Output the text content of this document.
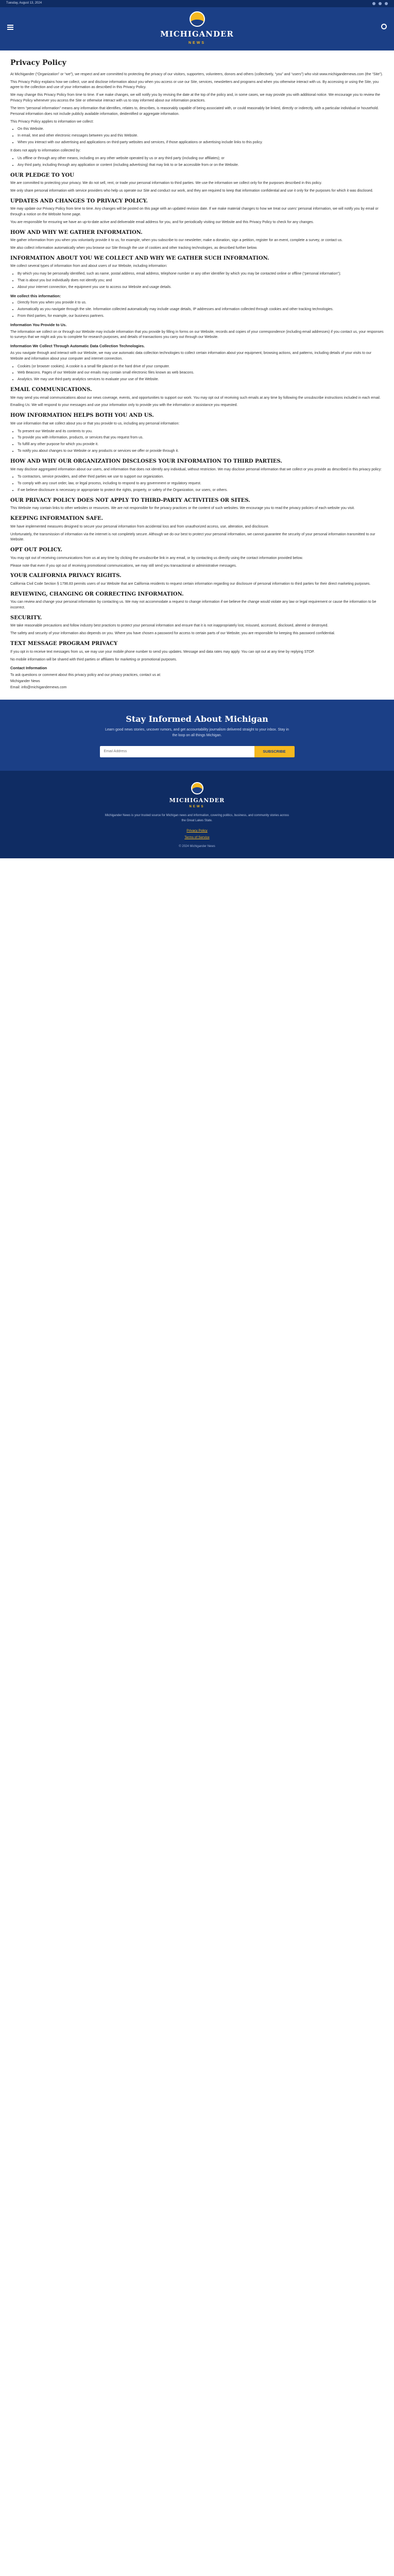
Tuesday, August 13, 2024
MICHIGANDER
NEWS
Privacy Policy

At Michigander (“Organization” or “we”), we respect and are committed to protecting the privacy of our visitors, supporters, volunteers, donors and others (collectively, “you” and “users”) who visit www.michigandernews.com (the “Site”).

This Privacy Policy explains how we collect, use and disclose information about you when you access or use our Site, services, newsletters and programs and when you otherwise interact with us. By accessing or using the Site, you agree to the collection and use of your information as described in this Privacy Policy.

We may change this Privacy Policy from time to time. If we make changes, we will notify you by revising the date at the top of the policy and, in some cases, we may provide you with additional notice. We encourage you to review the Privacy Policy whenever you access the Site or otherwise interact with us to stay informed about our information practices.

The term “personal information” means any information that identifies, relates to, describes, is reasonably capable of being associated with, or could reasonably be linked, directly or indirectly, with a particular individual or household. Personal information does not include publicly available information, deidentified or aggregate information.

This Privacy Policy applies to information we collect:

• On this Website.
• In email, text and other electronic messages between you and this Website.
• When you interact with our advertising and applications on third-party websites and services, if those applications or advertising include links to this policy.

It does not apply to information collected by:

• Us offline or through any other means, including on any other website operated by us or any third party (including our affiliates); or
• Any third party, including through any application or content (including advertising) that may link to or be accessible from or on the Website.
OUR PLEDGE TO YOU

We are committed to protecting your privacy. We do not sell, rent, or trade your personal information to third parties. We use the information we collect only for the purposes described in this policy.

We only share personal information with service providers who help us operate our Site and conduct our work, and they are required to keep that information confidential and use it only for the purposes for which it was disclosed.

UPDATES AND CHANGES TO PRIVACY POLICY.

We may update our Privacy Policy from time to time. Any changes will be posted on this page with an updated revision date. If we make material changes to how we treat our users’ personal information, we will notify you by email or through a notice on the Website home page.

You are responsible for ensuring we have an up-to-date active and deliverable email address for you, and for periodically visiting our Website and this Privacy Policy to check for any changes.

HOW AND WHY WE GATHER INFORMATION.

We gather information from you when you voluntarily provide it to us, for example, when you subscribe to our newsletter, make a donation, sign a petition, register for an event, complete a survey, or contact us.

We also collect information automatically when you browse our Site through the use of cookies and other tracking technologies, as described further below.

INFORMATION ABOUT YOU WE COLLECT AND WHY WE GATHER SUCH INFORMATION.

We collect several types of information from and about users of our Website, including information:

• By which you may be personally identified, such as name, postal address, email address, telephone number or any other identifier by which you may be contacted online or offline (“personal information”);
• That is about you but individually does not identify you; and
• About your internet connection, the equipment you use to access our Website and usage details.
We collect this information:
• Directly from you when you provide it to us.
• Automatically as you navigate through the site. Information collected automatically may include usage details, IP addresses and information collected through cookies and other tracking technologies.
• From third parties, for example, our business partners.
Information You Provide to Us.

The information we collect on or through our Website may include information that you provide by filling in forms on our Website, records and copies of your correspondence (including email addresses) if you contact us, your responses to surveys that we might ask you to complete for research purposes, and details of transactions you carry out through our Website.

Information We Collect Through Automatic Data Collection Technologies.

As you navigate through and interact with our Website, we may use automatic data collection technologies to collect certain information about your equipment, browsing actions, and patterns, including details of your visits to our Website and information about your computer and internet connection.

• Cookies (or browser cookies). A cookie is a small file placed on the hard drive of your computer.
• Web Beacons. Pages of our Website and our emails may contain small electronic files known as web beacons.
• Analytics. We may use third-party analytics services to evaluate your use of the Website.
EMAIL COMMUNICATIONS.

We may send you email communications about our news coverage, events, and opportunities to support our work. You may opt out of receiving such emails at any time by following the unsubscribe instructions included in each email.

Emailing Us: We will respond to your messages and use your information only to provide you with the information or assistance you requested.

HOW INFORMATION HELPS BOTH YOU AND US.

We use information that we collect about you or that you provide to us, including any personal information:

• To present our Website and its contents to you.
• To provide you with information, products, or services that you request from us.
• To fulfill any other purpose for which you provide it.
• To notify you about changes to our Website or any products or services we offer or provide through it.
HOW AND WHY OUR ORGANIZATION DISCLOSES YOUR INFORMATION TO THIRD PARTIES.

We may disclose aggregated information about our users, and information that does not identify any individual, without restriction. We may disclose personal information that we collect or you provide as described in this privacy policy:

• To contractors, service providers, and other third parties we use to support our organization.
• To comply with any court order, law, or legal process, including to respond to any government or regulatory request.
• If we believe disclosure is necessary or appropriate to protect the rights, property, or safety of the Organization, our users, or others.
OUR PRIVACY POLICY DOES NOT APPLY TO THIRD-PARTY ACTIVITIES OR SITES.

This Website may contain links to other websites or resources. We are not responsible for the privacy practices or the content of such websites. We encourage you to read the privacy policies of each website you visit.

KEEPING INFORMATION SAFE.

We have implemented measures designed to secure your personal information from accidental loss and from unauthorized access, use, alteration, and disclosure.

Unfortunately, the transmission of information via the internet is not completely secure. Although we do our best to protect your personal information, we cannot guarantee the security of your personal information transmitted to our Website.

OPT OUT POLICY.

You may opt out of receiving communications from us at any time by clicking the unsubscribe link in any email, or by contacting us directly using the contact information provided below.

Please note that even if you opt out of receiving promotional communications, we may still send you transactional or administrative messages.

YOUR CALIFORNIA PRIVACY RIGHTS.

California Civil Code Section § 1798.83 permits users of our Website that are California residents to request certain information regarding our disclosure of personal information to third parties for their direct marketing purposes.

REVIEWING, CHANGING OR CORRECTING INFORMATION.

You can review and change your personal information by contacting us. We may not accommodate a request to change information if we believe the change would violate any law or legal requirement or cause the information to be incorrect.

SECURITY.

We take reasonable precautions and follow industry best practices to protect your personal information and ensure that it is not inappropriately lost, misused, accessed, disclosed, altered or destroyed.

The safety and security of your information also depends on you. Where you have chosen a password for access to certain parts of our Website, you are responsible for keeping this password confidential.

TEXT MESSAGE PROGRAM PRIVACY

If you opt in to receive text messages from us, we may use your mobile phone number to send you updates. Message and data rates may apply. You can opt out at any time by replying STOP.

No mobile information will be shared with third parties or affiliates for marketing or promotional purposes.

Contact Information

To ask questions or comment about this privacy policy and our privacy practices, contact us at:

Michigander News

Email: info@michigandernews.com

Stay Informed About Michigan
Learn good news stories, uncover rumors, and get accountability journalism delivered straight to your inbox. Stay in the loop on all things Michigan.
Email Address
SUBSCRIBE
MICHIGANDER
NEWS
Michigander News is your trusted source for Michigan news and information, covering politics, business, and community stories across the Great Lakes State.
Privacy Policy
Terms of Service
© 2024 Michigander News
